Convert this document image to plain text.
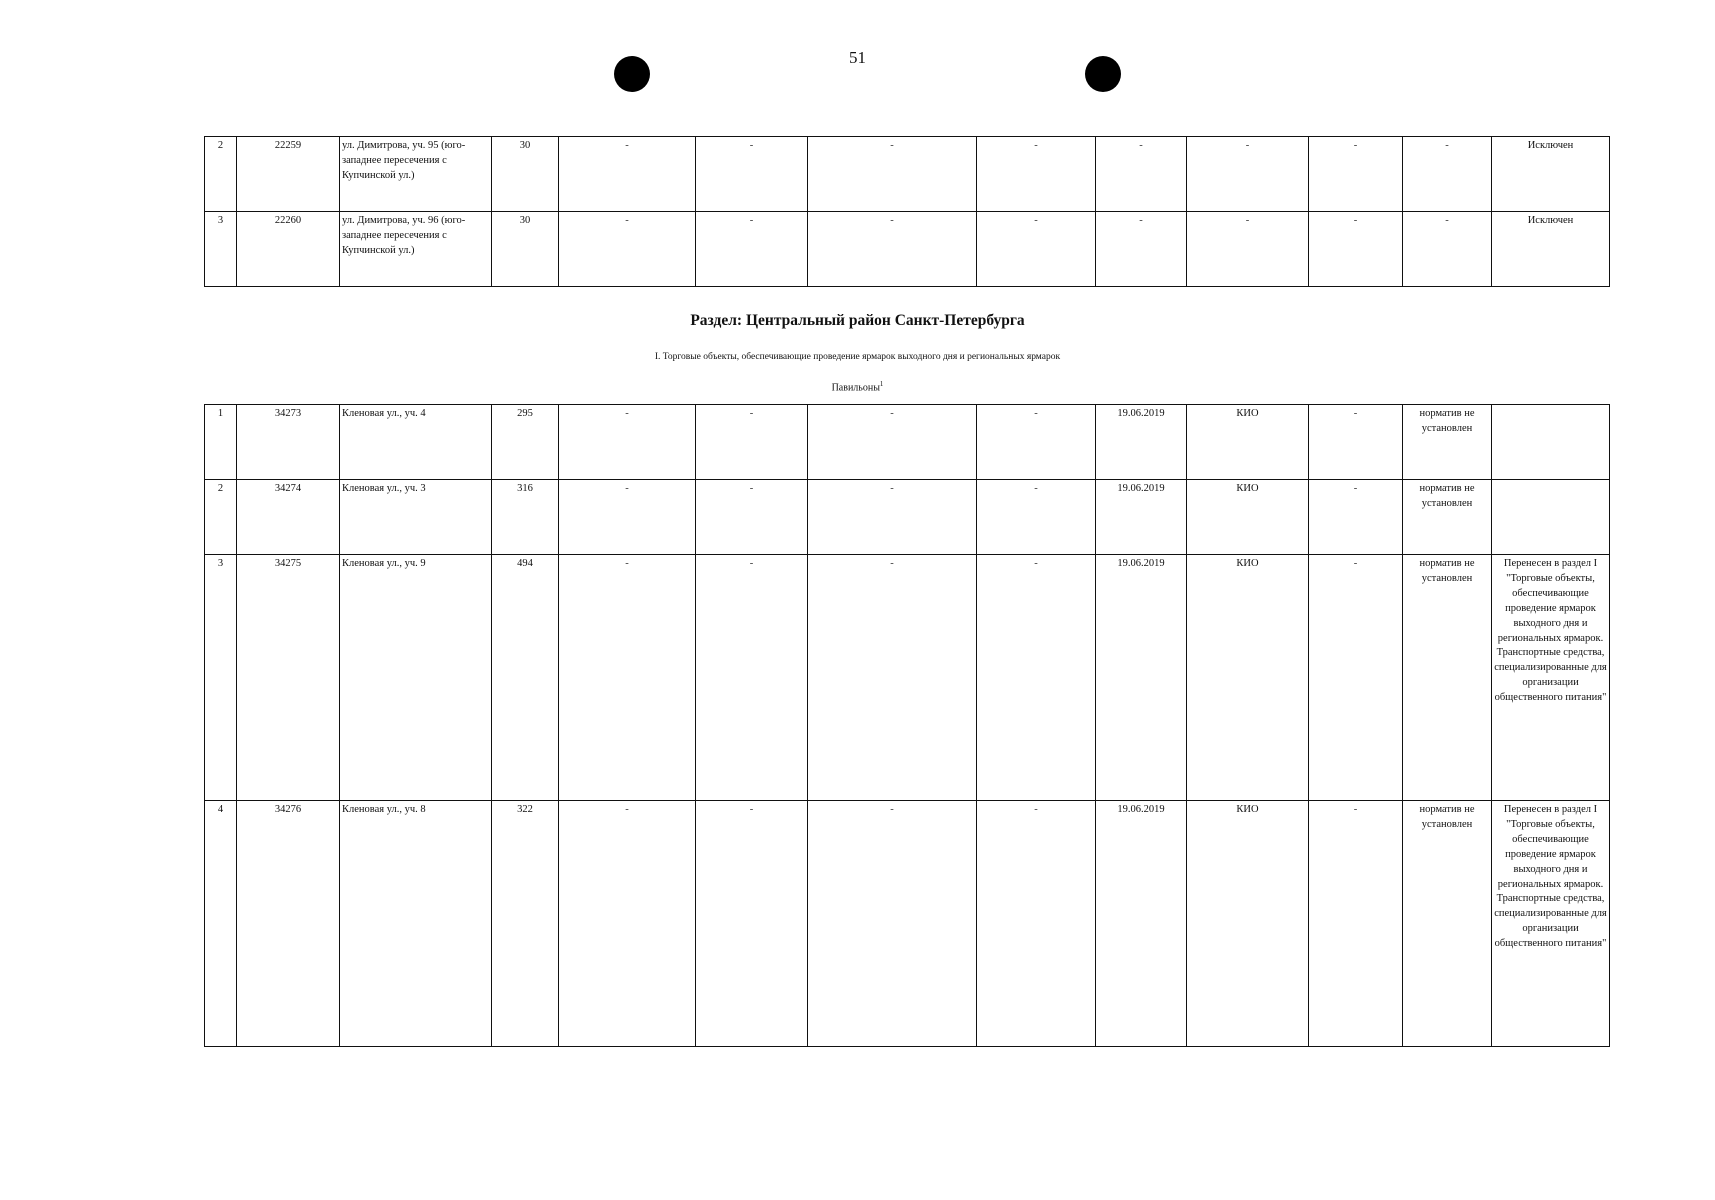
51
2	22259	ул. Димитрова, уч. 95 (юго-западнее пересечения с Купчинской ул.)	30	-	-	-	-	-	-	-	-	Исключен
3	22260	ул. Димитрова, уч. 96 (юго-западнее пересечения с Купчинской ул.)	30	-	-	-	-	-	-	-	-	Исключен
Раздел: Центральный район Санкт-Петербурга
I. Торговые объекты, обеспечивающие проведение ярмарок выходного дня и региональных ярмарок
Павильоны$^1$
1	34273	Кленовая ул., уч. 4	295	-	-	-	-	19.06.2019	КИО	-	норматив не установлен	
2	34274	Кленовая ул., уч. 3	316	-	-	-	-	19.06.2019	КИО	-	норматив не установлен	
3	34275	Кленовая ул., уч. 9	494	-	-	-	-	19.06.2019	КИО	-	норматив не установлен	Перенесен в раздел I "Торговые объекты, обеспечивающие проведение ярмарок выходного дня и региональных ярмарок. Транспортные средства, специализированные для организации общественного питания"
4	34276	Кленовая ул., уч. 8	322	-	-	-	-	19.06.2019	КИО	-	норматив не установлен	Перенесен в раздел I "Торговые объекты, обеспечивающие проведение ярмарок выходного дня и региональных ярмарок. Транспортные средства, специализированные для организации общественного питания"
